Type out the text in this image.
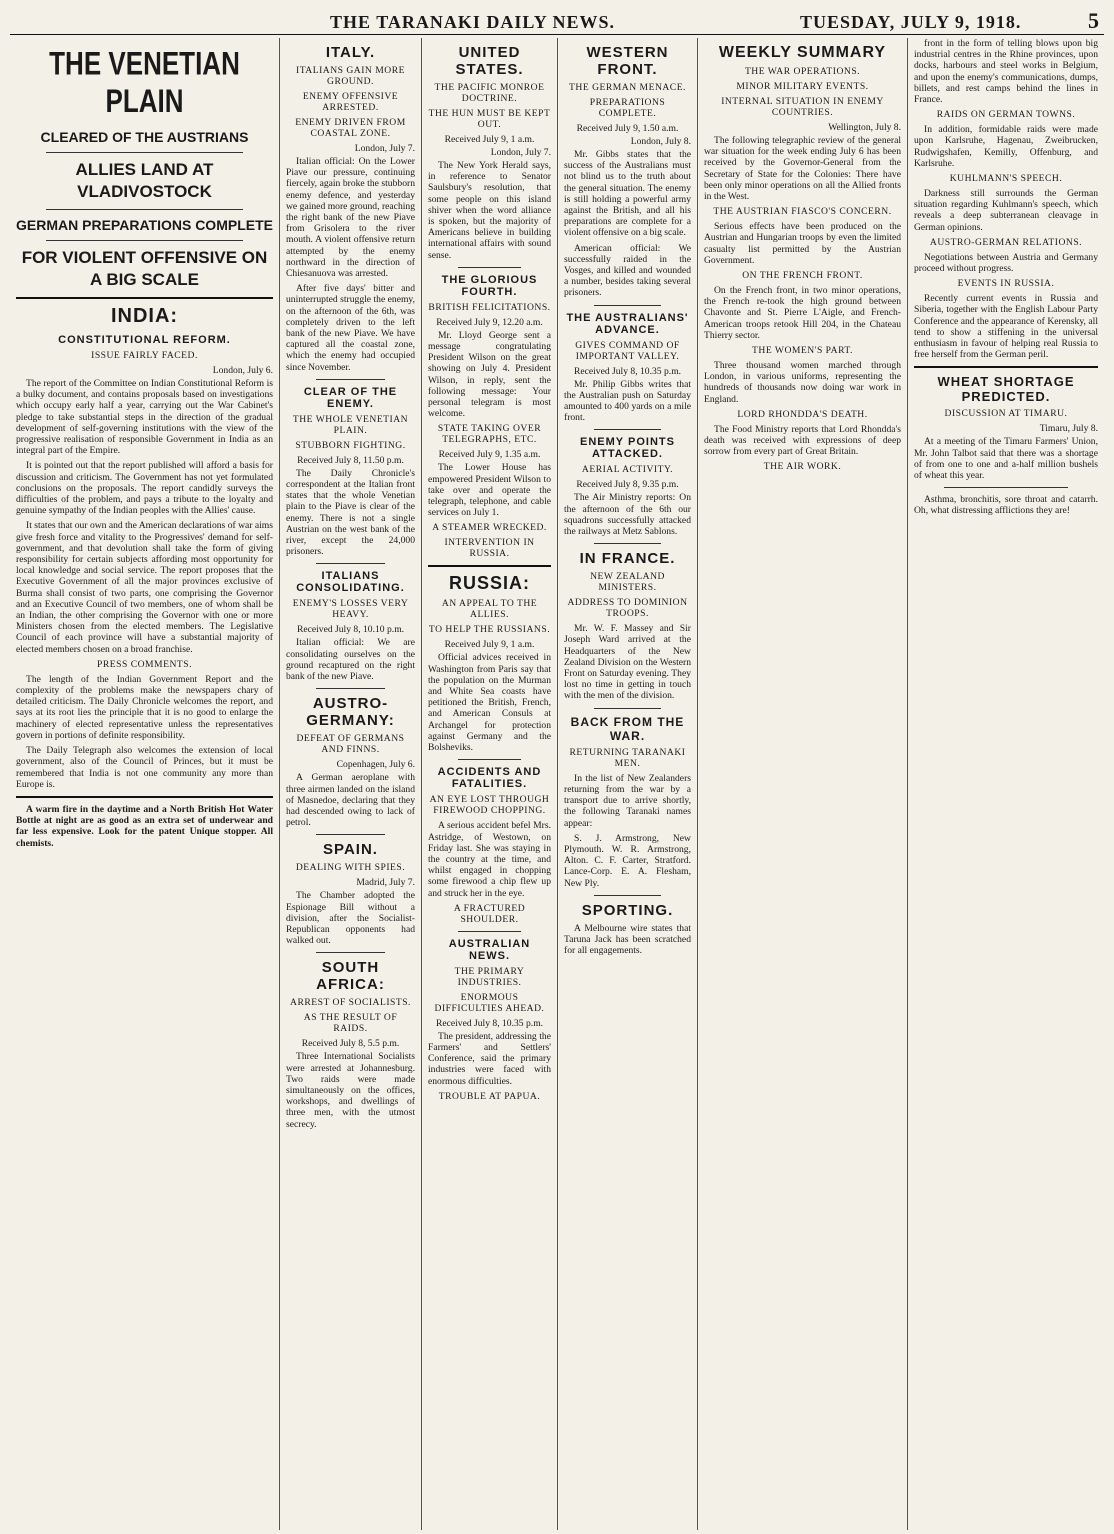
THE TARANAKI DAILY NEWS.	TUESDAY, JULY 9, 1918.	5
THE VENETIAN PLAIN
CLEARED OF THE AUSTRIANS
ALLIES LAND AT VLADIVOSTOCK
GERMAN PREPARATIONS COMPLETE
FOR VIOLENT OFFENSIVE ON A BIG SCALE
INDIA:
CONSTITUTIONAL REFORM.
ISSUE FAIRLY FACED.
London, July 6.

The report of the Committee on Indian Constitutional Reform is a bulky document, and contains proposals based on investigations which occupy early half a year, carrying out the War Cabinet's pledge to take substantial steps in the direction of the gradual development of self-governing institutions with the view of the progressive realisation of responsible Government in India as an integral part of the Empire.

It is pointed out that the report published will afford a basis for discussion and criticism. The Government has not yet formulated conclusions on the proposals. The report candidly surveys the difficulties of the problem, and pays a tribute to the loyalty and genuine sympathy of the Indian peoples with the Allies' cause.

It states that our own and the American declarations of war aims give fresh force and vitality to the Progressives' demand for self-government, and that devolution shall take the form of giving responsibility for certain subjects affording most opportunity for local knowledge and social service. The report proposes that the Executive Government of all the major provinces exclusive of Burma shall consist of two parts, one comprising the Governor and an Executive Council of two members, one of whom shall be an Indian, the other comprising the Governor with one or more Ministers chosen from the elected members. The Legislative Council of each province will have a substantial majority of elected members chosen on a broad franchise.

PRESS COMMENTS.

The length of the Indian Government Report and the complexity of the problems make the newspapers chary of detailed criticism. The Daily Chronicle welcomes the report, and says at its root lies the principle that it is no good to enlarge the machinery of elected representative unless the representatives govern in portions of definite responsibility.

The Daily Telegraph also welcomes the extension of local government, also of the Council of Princes, but it must be remembered that India is not one community any more than Europe is.

A warm fire in the daytime and a North British Hot Water Bottle at night are as good as an extra set of underwear and far less expensive. Look for the patent Unique stopper. All chemists.

ITALY.
ITALIANS GAIN MORE GROUND.
ENEMY OFFENSIVE ARRESTED.
ENEMY DRIVEN FROM COASTAL ZONE.
London, July 7.

Italian official: On the Lower Piave our pressure, continuing fiercely, again broke the stubborn enemy defence, and yesterday we gained more ground, reaching the right bank of the new Piave from Grisolera to the river mouth. A violent offensive return attempted by the enemy northward in the direction of Chiesanuova was arrested.

After five days' bitter and uninterrupted struggle the enemy, on the afternoon of the 6th, was completely driven to the left bank of the new Piave. We have captured all the coastal zone, which the enemy had occupied since November.

CLEAR OF THE ENEMY.
THE WHOLE VENETIAN PLAIN.
STUBBORN FIGHTING.
Received July 8, 11.50 p.m.

The Daily Chronicle's correspondent at the Italian front states that the whole Venetian plain to the Piave is clear of the enemy. There is not a single Austrian on the west bank of the river, except the 24,000 prisoners.

ITALIANS CONSOLIDATING.
ENEMY'S LOSSES VERY HEAVY.
Received July 8, 10.10 p.m.

Italian official: We are consolidating ourselves on the ground recaptured on the right bank of the new Piave.

AUSTRO-GERMANY:
DEFEAT OF GERMANS AND FINNS.
Copenhagen, July 6.

A German aeroplane with three airmen landed on the island of Masnedoe, declaring that they had descended owing to lack of petrol.

SPAIN.
DEALING WITH SPIES.
Madrid, July 7.

The Chamber adopted the Espionage Bill without a division, after the Socialist-Republican opponents had walked out.

SOUTH AFRICA:
ARREST OF SOCIALISTS.
AS THE RESULT OF RAIDS.
Received July 8, 5.5 p.m.

Three International Socialists were arrested at Johannesburg. Two raids were made simultaneously on the offices, workshops, and dwellings of three men, with the utmost secrecy.

UNITED STATES.
THE PACIFIC MONROE DOCTRINE.
THE HUN MUST BE KEPT OUT.
Received July 9, 1 a.m.
London, July 7.

The New York Herald says, in reference to Senator Saulsbury's resolution, that some people on this island shiver when the word alliance is spoken, but the majority of Americans believe in building international affairs with sound sense.

THE GLORIOUS FOURTH.
BRITISH FELICITATIONS.
Received July 9, 12.20 a.m.

Mr. Lloyd George sent a message congratulating President Wilson on the great showing on July 4. President Wilson, in reply, sent the following message: Your personal telegram is most welcome.

STATE TAKING OVER TELEGRAPHS, ETC.
Received July 9, 1.35 a.m.

The Lower House has empowered President Wilson to take over and operate the telegraph, telephone, and cable services on July 1.

A STEAMER WRECKED.
INTERVENTION IN RUSSIA.
RUSSIA:
AN APPEAL TO THE ALLIES.
TO HELP THE RUSSIANS.
Received July 9, 1 a.m.

Official advices received in Washington from Paris say that the population on the Murman and White Sea coasts have petitioned the British, French, and American Consuls at Archangel for protection against Germany and the Bolsheviks.

ACCIDENTS AND FATALITIES.
AN EYE LOST THROUGH FIREWOOD CHOPPING.

A serious accident befel Mrs. Astridge, of Westown, on Friday last. She was staying in the country at the time, and whilst engaged in chopping some firewood a chip flew up and struck her in the eye.

A FRACTURED SHOULDER.
AUSTRALIAN NEWS.
THE PRIMARY INDUSTRIES.
ENORMOUS DIFFICULTIES AHEAD.
Received July 8, 10.35 p.m.

The president, addressing the Farmers' and Settlers' Conference, said the primary industries were faced with enormous difficulties.

TROUBLE AT PAPUA.
WESTERN FRONT.
THE GERMAN MENACE.
PREPARATIONS COMPLETE.
Received July 9, 1.50 a.m.
London, July 8.

Mr. Gibbs states that the success of the Australians must not blind us to the truth about the general situation. The enemy is still holding a powerful army against the British, and all his preparations are complete for a violent offensive on a big scale.

American official: We successfully raided in the Vosges, and killed and wounded a number, besides taking several prisoners.

THE AUSTRALIANS' ADVANCE.
GIVES COMMAND OF IMPORTANT VALLEY.
Received July 8, 10.35 p.m.

Mr. Philip Gibbs writes that the Australian push on Saturday amounted to 400 yards on a mile front.

ENEMY POINTS ATTACKED.
AERIAL ACTIVITY.
Received July 8, 9.35 p.m.

The Air Ministry reports: On the afternoon of the 6th our squadrons successfully attacked the railways at Metz Sablons.

IN FRANCE.
NEW ZEALAND MINISTERS.
ADDRESS TO DOMINION TROOPS.

Mr. W. F. Massey and Sir Joseph Ward arrived at the Headquarters of the New Zealand Division on the Western Front on Saturday evening. They lost no time in getting in touch with the men of the division.

BACK FROM THE WAR.
RETURNING TARANAKI MEN.

In the list of New Zealanders returning from the war by a transport due to arrive shortly, the following Taranaki names appear:

S. J. Armstrong, New Plymouth. W. R. Armstrong, Alton. C. F. Carter, Stratford. Lance-Corp. E. A. Flesham, New Ply.

SPORTING.

A Melbourne wire states that Taruna Jack has been scratched for all engagements.

WEEKLY SUMMARY
THE WAR OPERATIONS.
MINOR MILITARY EVENTS.
INTERNAL SITUATION IN ENEMY COUNTRIES.
Wellington, July 8.

The following telegraphic review of the general war situation for the week ending July 6 has been received by the Governor-General from the Secretary of State for the Colonies: There have been only minor operations on all the Allied fronts in the West.

THE AUSTRIAN FIASCO'S CONCERN.

Serious effects have been produced on the Austrian and Hungarian troops by even the limited casualty list permitted by the Austrian Government.

ON THE FRENCH FRONT.

On the French front, in two minor operations, the French re-took the high ground between Chavonte and St. Pierre L'Aigle, and French-American troops retook Hill 204, in the Chateau Thierry sector.

THE WOMEN'S PART.

Three thousand women marched through London, in various uniforms, representing the hundreds of thousands now doing war work in England.

LORD RHONDDA'S DEATH.

The Food Ministry reports that Lord Rhondda's death was received with expressions of deep sorrow from every part of Great Britain.

THE AIR WORK.

front in the form of telling blows upon big industrial centres in the Rhine provinces, upon docks, harbours and steel works in Belgium, and upon the enemy's communications, dumps, billets, and rest camps behind the lines in France.

RAIDS ON GERMAN TOWNS.

In addition, formidable raids were made upon Karlsruhe, Hagenau, Zweibrucken, Rudwigshafen, Kemilly, Offenburg, and Karlsruhe.

KUHLMANN'S SPEECH.

Darkness still surrounds the German situation regarding Kuhlmann's speech, which reveals a deep subterranean cleavage in German opinions.

AUSTRO-GERMAN RELATIONS.

Negotiations between Austria and Germany proceed without progress.

EVENTS IN RUSSIA.

Recently current events in Russia and Siberia, together with the English Labour Party Conference and the appearance of Kerensky, all tend to show a stiffening in the universal enthusiasm in favour of helping real Russia to free herself from the German peril.

WHEAT SHORTAGE PREDICTED.
DISCUSSION AT TIMARU.
Timaru, July 8.

At a meeting of the Timaru Farmers' Union, Mr. John Talbot said that there was a shortage of from one to one and a-half million bushels of wheat this year.

Asthma, bronchitis, sore throat and catarrh. Oh, what distressing afflictions they are!
